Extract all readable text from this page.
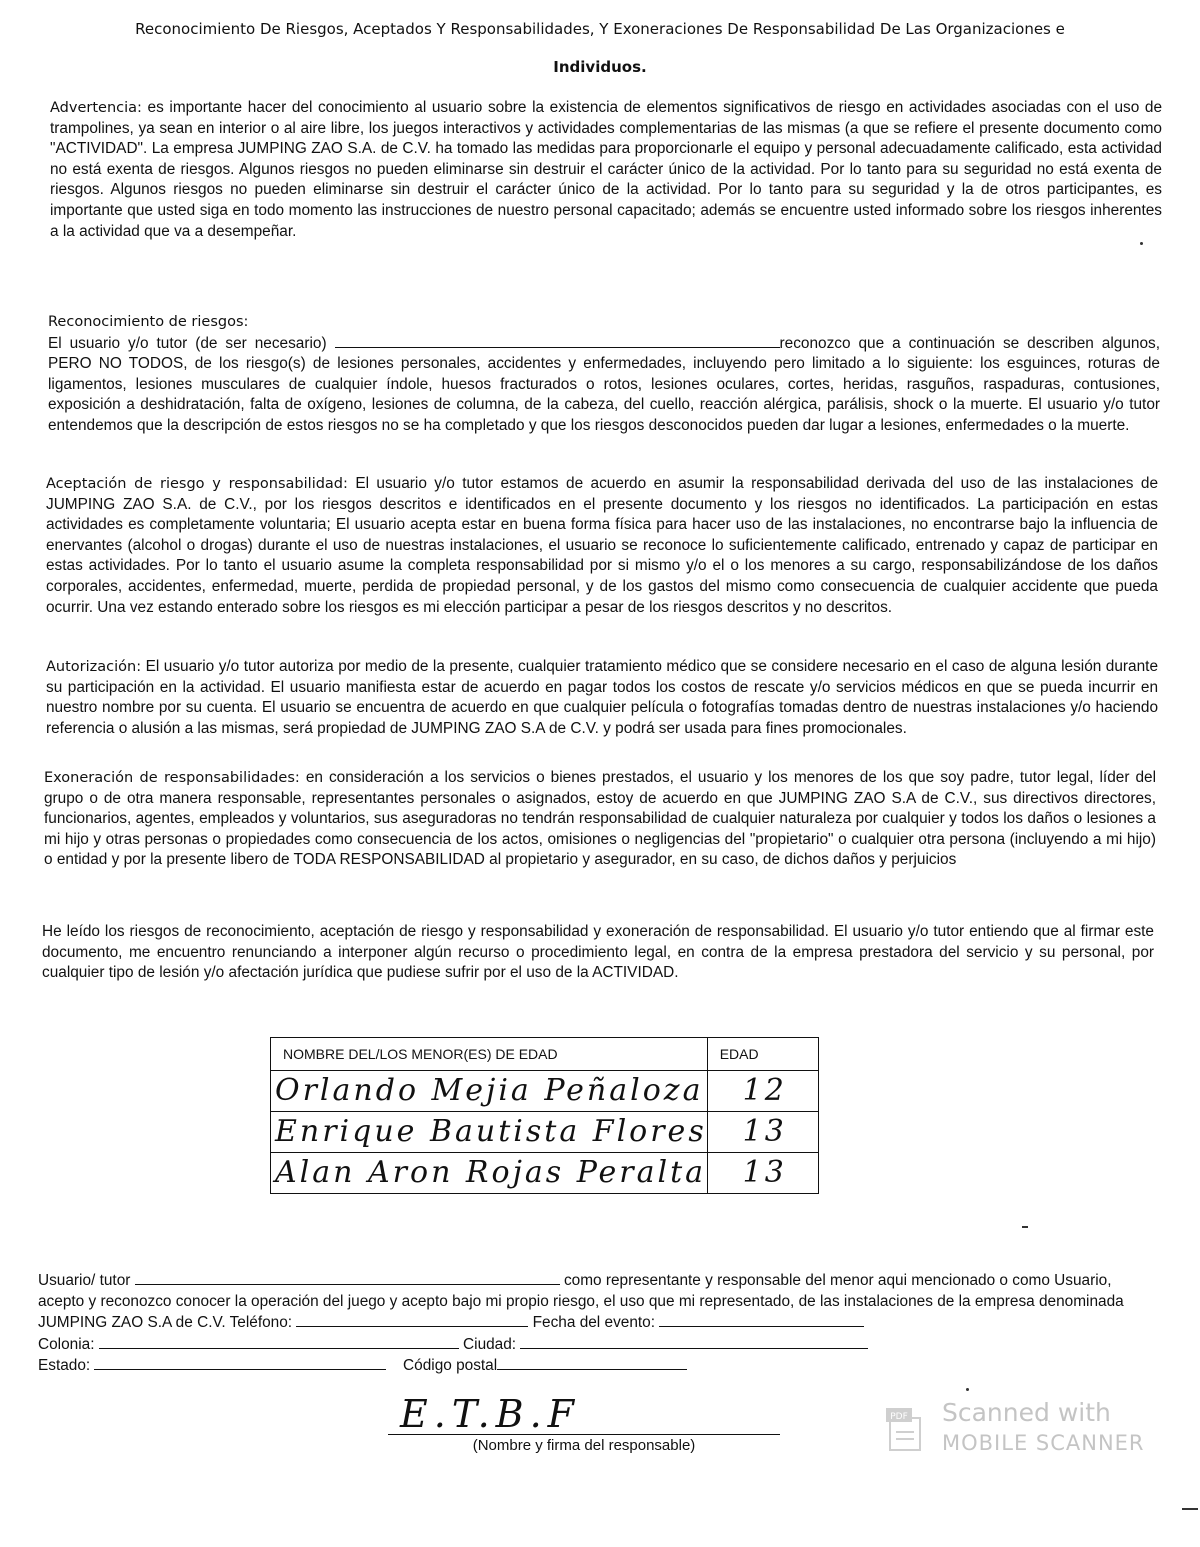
Reconocimiento De Riesgos, Aceptados Y Responsabilidades, Y Exoneraciones De Responsabilidad De Las Organizaciones e
Individuos.
Advertencia: es importante hacer del conocimiento al usuario sobre la existencia de elementos significativos de riesgo en actividades asociadas con el uso de trampolines, ya sean en interior o al aire libre, los juegos interactivos y actividades complementarias de las mismas (a que se refiere el presente documento como "ACTIVIDAD". La empresa JUMPING ZAO S.A. de C.V. ha tomado las medidas para proporcionarle el equipo y personal adecuadamente calificado, esta actividad no está exenta de riesgos. Algunos riesgos no pueden eliminarse sin destruir el carácter único de la actividad. Por lo tanto para su seguridad no está exenta de riesgos. Algunos riesgos no pueden eliminarse sin destruir el carácter único de la actividad. Por lo tanto para su seguridad y la de otros participantes, es importante que usted siga en todo momento las instrucciones de nuestro personal capacitado; además se encuentre usted informado sobre los riesgos inherentes a la actividad que va a desempeñar.
Reconocimiento de riesgos:
El usuario y/o tutor (de ser necesario)	reconozco que a continuación se describen algunos, PERO NO TODOS, de los riesgo(s) de lesiones personales, accidentes y enfermedades, incluyendo pero limitado a lo siguiente: los esguinces, roturas de ligamentos, lesiones musculares de cualquier índole, huesos fracturados o rotos, lesiones oculares, cortes, heridas, rasguños, raspaduras, contusiones, exposición a deshidratación, falta de oxígeno, lesiones de columna, de la cabeza, del cuello, reacción alérgica, parálisis, shock o la muerte. El usuario y/o tutor entendemos que la descripción de estos riesgos no se ha completado y que los riesgos desconocidos pueden dar lugar a lesiones, enfermedades o la muerte.
Aceptación de riesgo y responsabilidad: El usuario y/o tutor estamos de acuerdo en asumir la responsabilidad derivada del uso de las instalaciones de JUMPING ZAO S.A. de C.V., por los riesgos descritos e identificados en el presente documento y los riesgos no identificados. La participación en estas actividades es completamente voluntaria; El usuario acepta estar en buena forma física para hacer uso de las instalaciones, no encontrarse bajo la influencia de enervantes (alcohol o drogas) durante el uso de nuestras instalaciones, el usuario se reconoce lo suficientemente calificado, entrenado y capaz de participar en estas actividades. Por lo tanto el usuario asume la completa responsabilidad por si mismo y/o el o los menores a su cargo, responsabilizándose de los daños corporales, accidentes, enfermedad, muerte, perdida de propiedad personal, y de los gastos del mismo como consecuencia de cualquier accidente que pueda ocurrir. Una vez estando enterado sobre los riesgos es mi elección participar a pesar de los riesgos descritos y no descritos.
Autorización: El usuario y/o tutor autoriza por medio de la presente, cualquier tratamiento médico que se considere necesario en el caso de alguna lesión durante su participación en la actividad. El usuario manifiesta estar de acuerdo en pagar todos los costos de rescate y/o servicios médicos en que se pueda incurrir en nuestro nombre por su cuenta. El usuario se encuentra de acuerdo en que cualquier película o fotografías tomadas dentro de nuestras instalaciones y/o haciendo referencia o alusión a las mismas, será propiedad de JUMPING ZAO S.A de C.V. y podrá ser usada para fines promocionales.
Exoneración de responsabilidades: en consideración a los servicios o bienes prestados, el usuario y los menores de los que soy padre, tutor legal, líder del grupo o de otra manera responsable, representantes personales o asignados, estoy de acuerdo en que JUMPING ZAO S.A de C.V., sus directivos directores, funcionarios, agentes, empleados y voluntarios, sus aseguradoras no tendrán responsabilidad de cualquier naturaleza por cualquier y todos los daños o lesiones a mi hijo y otras personas o propiedades como consecuencia de los actos, omisiones o negligencias del "propietario" o cualquier otra persona (incluyendo a mi hijo) o entidad y por la presente libero de TODA RESPONSABILIDAD al propietario y asegurador, en su caso, de dichos daños y perjuicios
He leído los riesgos de reconocimiento, aceptación de riesgo y responsabilidad y exoneración de responsabilidad. El usuario y/o tutor entiendo que al firmar este documento, me encuentro renunciando a interponer algún recurso o procedimiento legal, en contra de la empresa prestadora del servicio y su personal, por cualquier tipo de lesión y/o afectación jurídica que pudiese sufrir por el uso de la ACTIVIDAD.
NOMBRE DEL/LOS MENOR(ES) DE EDAD	EDAD
Orlando Mejia Peñaloza	12
Enrique Bautista Flores	13
Alan Aron Rojas Peralta	13
Usuario/ tutor	como representante y responsable del menor aqui mencionado o como Usuario, acepto y reconozco conocer la operación del juego y acepto bajo mi propio riesgo, el uso que mi representado, de las instalaciones de la empresa denominada JUMPING ZAO S.A de C.V. Teléfono:	Fecha del evento:
Colonia:	Ciudad:
Estado:	Código postal
E.T.B.F
(Nombre y firma del responsable)
PDF Scanned with
MOBILE SCANNER
